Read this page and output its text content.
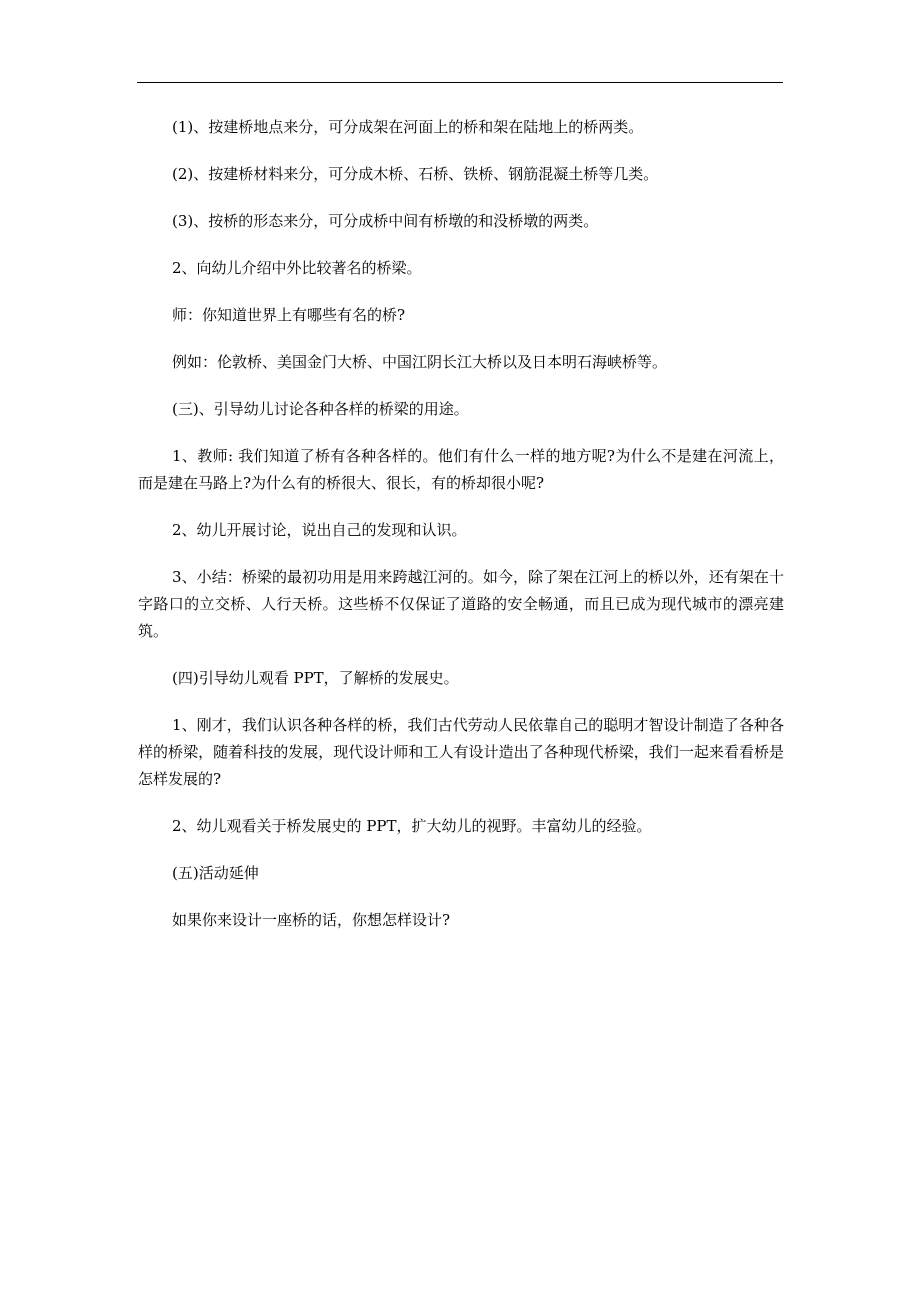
(1)、按建桥地点来分，可分成架在河面上的桥和架在陆地上的桥两类。

(2)、按建桥材料来分，可分成木桥、石桥、铁桥、钢筋混凝土桥等几类。

(3)、按桥的形态来分，可分成桥中间有桥墩的和没桥墩的两类。

2、向幼儿介绍中外比较著名的桥梁。

师：你知道世界上有哪些有名的桥?

例如：伦敦桥、美国金门大桥、中国江阴长江大桥以及日本明石海峡桥等。

(三)、引导幼儿讨论各种各样的桥梁的用途。

1、教师: 我们知道了桥有各种各样的。他们有什么一样的地方呢?为什么不是建在河流上，而是建在马路上?为什么有的桥很大、很长，有的桥却很小呢?

2、幼儿开展讨论，说出自己的发现和认识。

3、小结：桥梁的最初功用是用来跨越江河的。如今，除了架在江河上的桥以外，还有架在十字路口的立交桥、人行天桥。这些桥不仅保证了道路的安全畅通，而且已成为现代城市的漂亮建筑。

(四)引导幼儿观看 PPT，了解桥的发展史。

1、刚才，我们认识各种各样的桥，我们古代劳动人民依靠自己的聪明才智设计制造了各种各样的桥梁，随着科技的发展，现代设计师和工人有设计造出了各种现代桥梁，我们一起来看看桥是怎样发展的?

2、幼儿观看关于桥发展史的 PPT，扩大幼儿的视野。丰富幼儿的经验。

(五)活动延伸

如果你来设计一座桥的话，你想怎样设计?
